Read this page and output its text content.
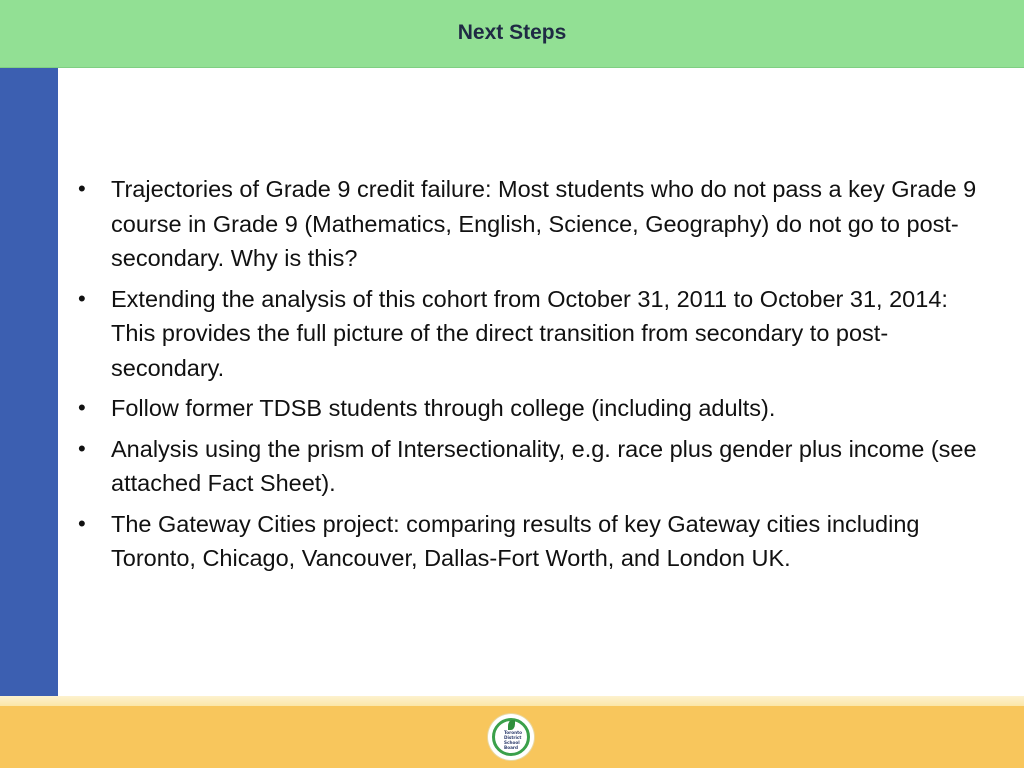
Next Steps
• Trajectories of Grade 9 credit failure: Most students who do not pass a key Grade 9 course in Grade 9 (Mathematics, English, Science, Geography) do not go to post-secondary. Why is this?
• Extending the analysis of this cohort from October 31, 2011 to October 31, 2014: This provides the full picture of the direct transition from secondary to post-secondary.
• Follow former TDSB students through college (including adults).
• Analysis using the prism of Intersectionality, e.g. race plus gender plus income (see attached Fact Sheet).
• The Gateway Cities project: comparing results of key Gateway cities including Toronto, Chicago, Vancouver, Dallas-Fort Worth, and London UK.
Toronto
District
School
Board
